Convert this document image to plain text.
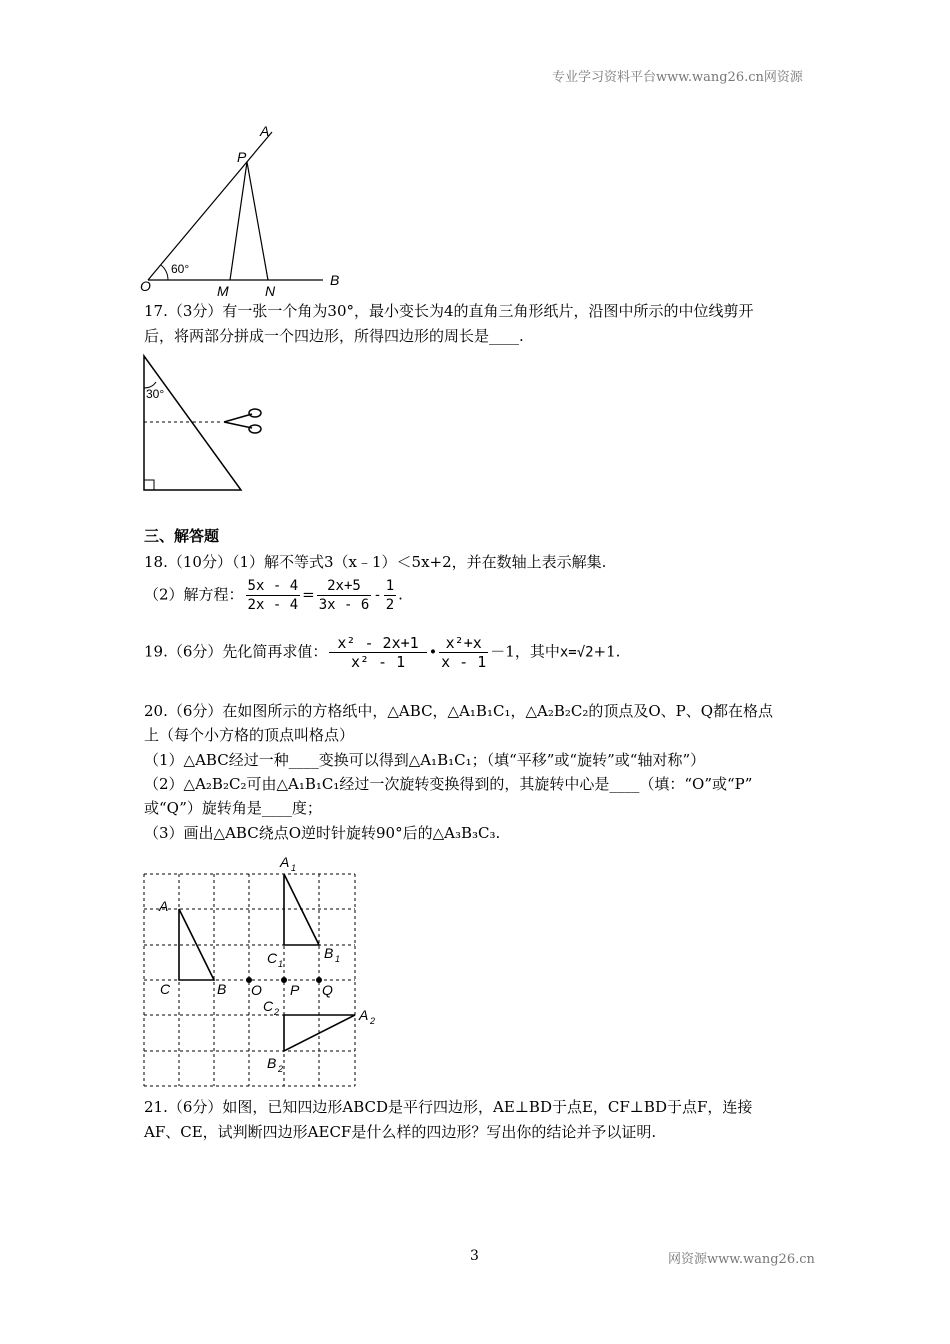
专业学习资料平台www.wang26.cn网资源
A
P
O	M	N
B
60°
17.（3分）有一张一个角为30°，最小变长为4的直角三角形纸片，沿图中所示的中位线剪开
后，将两部分拼成一个四边形，所得四边形的周长是____.
30°
三、解答题
18.（10分）（1）解不等式3（x﹣1）＜5x+2，并在数轴上表示解集.
（2）解方程： $\frac{5x - 4}{2x - 4} = \frac{2x+5}{3x - 6} - \frac{1}{2}$ .
19.（6分）先化简再求值： $\frac{\text{x² - 2x+1}}{\text{x² - 1}}$ • $\frac{\text{x²+x}}{x - 1} -1$，其中x=√2+1.
20.（6分）在如图所示的方格纸中，△ABC，△A₁B₁C₁，△A₂B₂C₂的顶点及O、P、Q都在格点
上（每个小方格的顶点叫格点）
（1）△ABC经过一种____变换可以得到△A₁B₁C₁；（填“平移”或“旋转”或“轴对称”）
（2）△A₂B₂C₂可由△A₁B₁C₁经过一次旋转变换得到的，其旋转中心是____（填：“O”或“P”
或“Q”）旋转角是____度；
（3）画出△ABC绕点O逆时针旋转90°后的△A₃B₃C₃.
A
C	B
A 1
C 1
B 1
O P Q
C 2	A 2
B 2
21.（6分）如图，已知四边形ABCD是平行四边形，AE⊥BD于点E，CF⊥BD于点F，连接
AF、CE，试判断四边形AECF是什么样的四边形？写出你的结论并予以证明.
3	网资源www.wang26.cn
